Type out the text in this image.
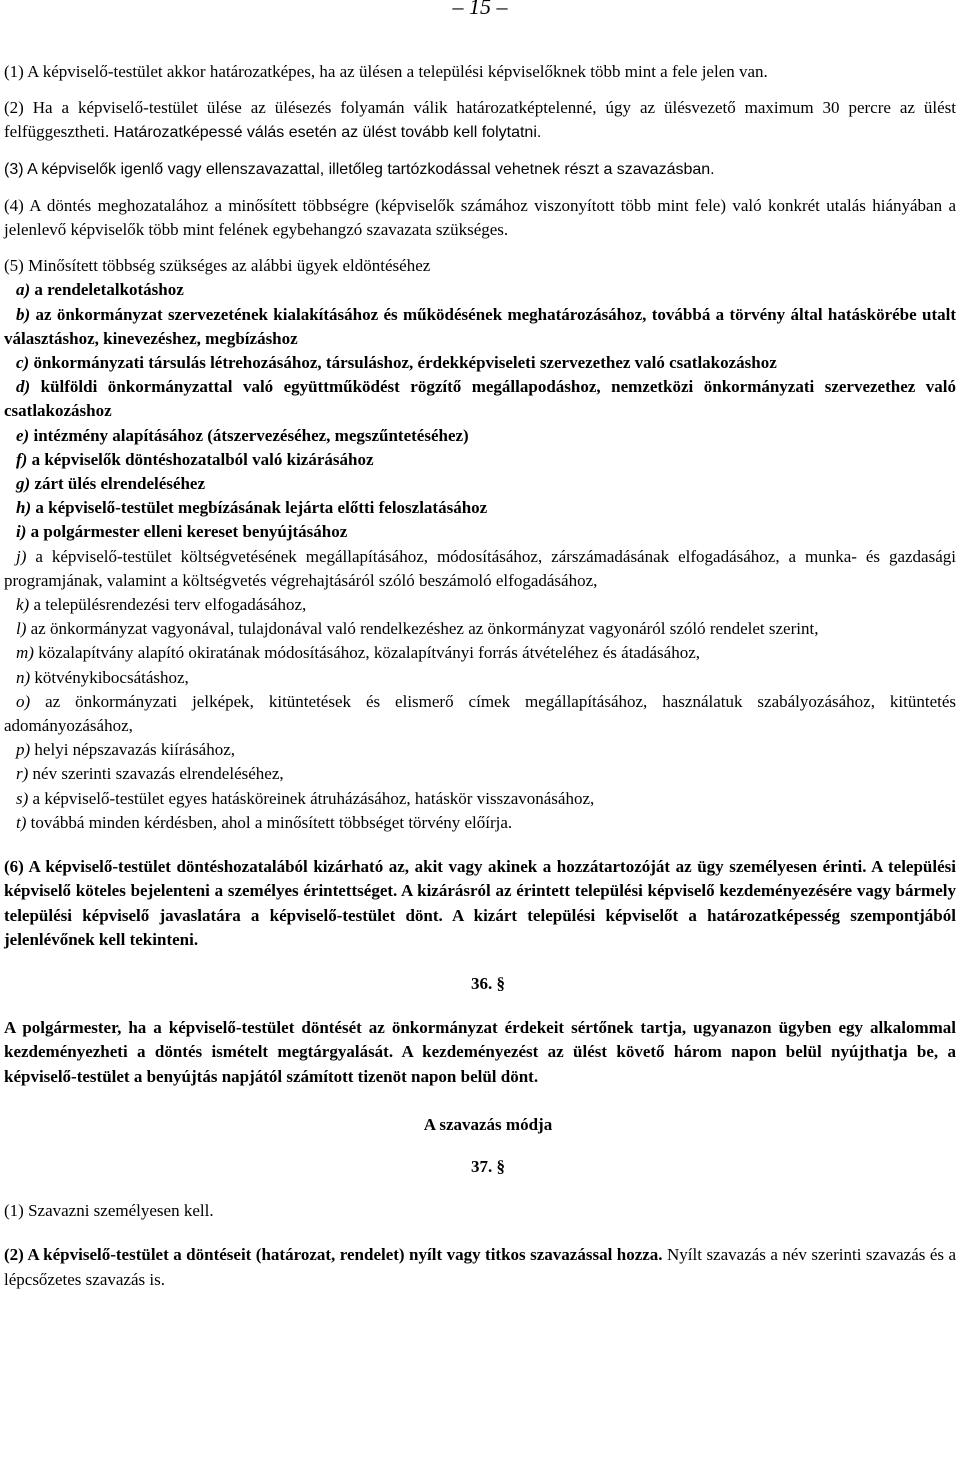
– 15 –

(1) A képviselő-testület akkor határozatképes, ha az ülésen a települési képviselőknek több mint a fele jelen van.

(2) Ha a képviselő-testület ülése az ülésezés folyamán válik határozatképtelenné, úgy az ülésvezető maximum 30 percre az ülést felfüggesztheti. Határozatképessé válás esetén az ülést tovább kell folytatni.

(3) A képviselők igenlő vagy ellenszavazattal, illetőleg tartózkodással vehetnek részt a szavazásban.

(4) A döntés meghozatalához a minősített többségre (képviselők számához viszonyított több mint fele) való konkrét utalás hiányában a jelenlevő képviselők több mint felének egybehangzó szavazata szükséges.

(5) Minősített többség szükséges az alábbi ügyek eldöntéséhez

a) a rendeletalkotáshoz

b) az önkormányzat szervezetének kialakításához és működésének meghatározásához, továbbá a törvény által hatáskörébe utalt választáshoz, kinevezéshez, megbízáshoz

c) önkormányzati társulás létrehozásához, társuláshoz, érdekképviseleti szervezethez való csatlakozáshoz

d) külföldi önkormányzattal való együttműködést rögzítő megállapodáshoz, nemzetközi önkormányzati szervezethez való csatlakozáshoz

e) intézmény alapításához (átszervezéséhez, megszűntetéséhez)

f) a képviselők döntéshozatalból való kizárásához

g) zárt ülés elrendeléséhez

h) a képviselő-testület megbízásának lejárta előtti feloszlatásához

i) a polgármester elleni kereset benyújtásához

j) a képviselő-testület költségvetésének megállapításához, módosításához, zárszámadásának elfogadásához, a munka- és gazdasági programjának, valamint a költségvetés végrehajtásáról szóló beszámoló elfogadásához,

k) a településrendezési terv elfogadásához,

l) az önkormányzat vagyonával, tulajdonával való rendelkezéshez az önkormányzat vagyonáról szóló rendelet szerint,

m) közalapítvány alapító okiratának módosításához, közalapítványi forrás átvételéhez és átadásához,

n) kötvénykibocsátáshoz,

o) az önkormányzati jelképek, kitüntetések és elismerő címek megállapításához, használatuk szabályozásához, kitüntetés adományozásához,

p) helyi népszavazás kiírásához,

r) név szerinti szavazás elrendeléséhez,

s) a képviselő-testület egyes hatásköreinek átruházásához, hatáskör visszavonásához,

t) továbbá minden kérdésben, ahol a minősített többséget törvény előírja.

(6) A képviselő-testület döntéshozatalából kizárható az, akit vagy akinek a hozzátartozóját az ügy személyesen érinti. A települési képviselő köteles bejelenteni a személyes érintettséget. A kizárásról az érintett települési képviselő kezdeményezésére vagy bármely települési képviselő javaslatára a képviselő-testület dönt. A kizárt települési képviselőt a határozatképesség szempontjából jelenlévőnek kell tekinteni.

36. §

A polgármester, ha a képviselő-testület döntését az önkormányzat érdekeit sértőnek tartja, ugyanazon ügyben egy alkalommal kezdeményezheti a döntés ismételt megtárgyalását. A kezdeményezést az ülést követő három napon belül nyújthatja be, a képviselő-testület a benyújtás napjától számított tizenöt napon belül dönt.

A szavazás módja

37. §

(1) Szavazni személyesen kell.

(2) A képviselő-testület a döntéseit (határozat, rendelet) nyílt vagy titkos szavazással hozza. Nyílt szavazás a név szerinti szavazás és a lépcsőzetes szavazás is.
